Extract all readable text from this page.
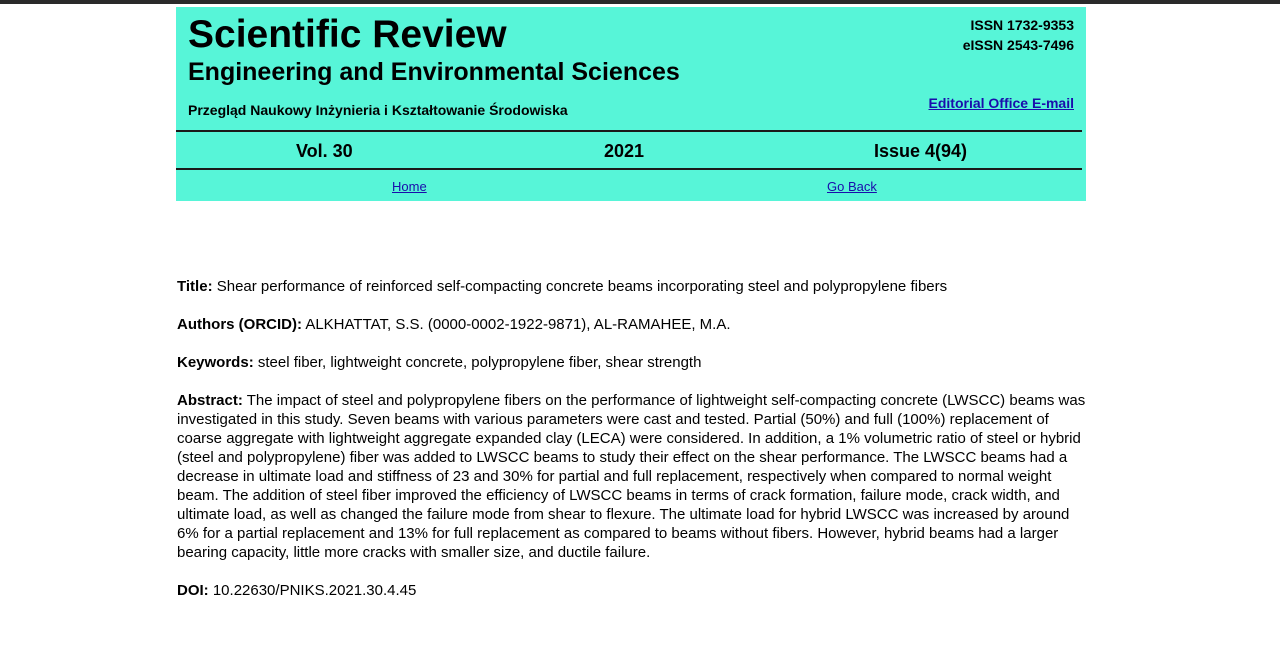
Scientific Review
Engineering and Environmental Sciences
Przegląd Naukowy Inżynieria i Kształtowanie Środowiska
ISSN 1732-9353
eISSN 2543-7496
Editorial Office E-mail
Vol. 30	2021	Issue 4(94)
Home	Go Back

Title: Shear performance of reinforced self-compacting concrete beams incorporating steel and polypropylene fibers

Authors (ORCID): ALKHATTAT, S.S. (0000-0002-1922-9871), AL-RAMAHEE, M.A.

Keywords: steel fiber, lightweight concrete, polypropylene fiber, shear strength

Abstract: The impact of steel and polypropylene fibers on the performance of lightweight self-compacting concrete (LWSCC) beams was investigated in this study. Seven beams with various parameters were cast and tested. Partial (50%) and full (100%) replacement of coarse aggregate with lightweight aggregate expanded clay (LECA) were considered. In addition, a 1% volumetric ratio of steel or hybrid (steel and polypropylene) fiber was added to LWSCC beams to study their effect on the shear performance. The LWSCC beams had a decrease in ultimate load and stiffness of 23 and 30% for partial and full replacement, respectively when compared to normal weight beam. The addition of steel fiber improved the efficiency of LWSCC beams in terms of crack formation, failure mode, crack width, and ultimate load, as well as changed the failure mode from shear to flexure. The ultimate load for hybrid LWSCC was increased by around 6% for a partial replacement and 13% for full replacement as compared to beams without fibers. However, hybrid beams had a larger bearing capacity, little more cracks with smaller size, and ductile failure.

DOI: 10.22630/PNIKS.2021.30.4.45
